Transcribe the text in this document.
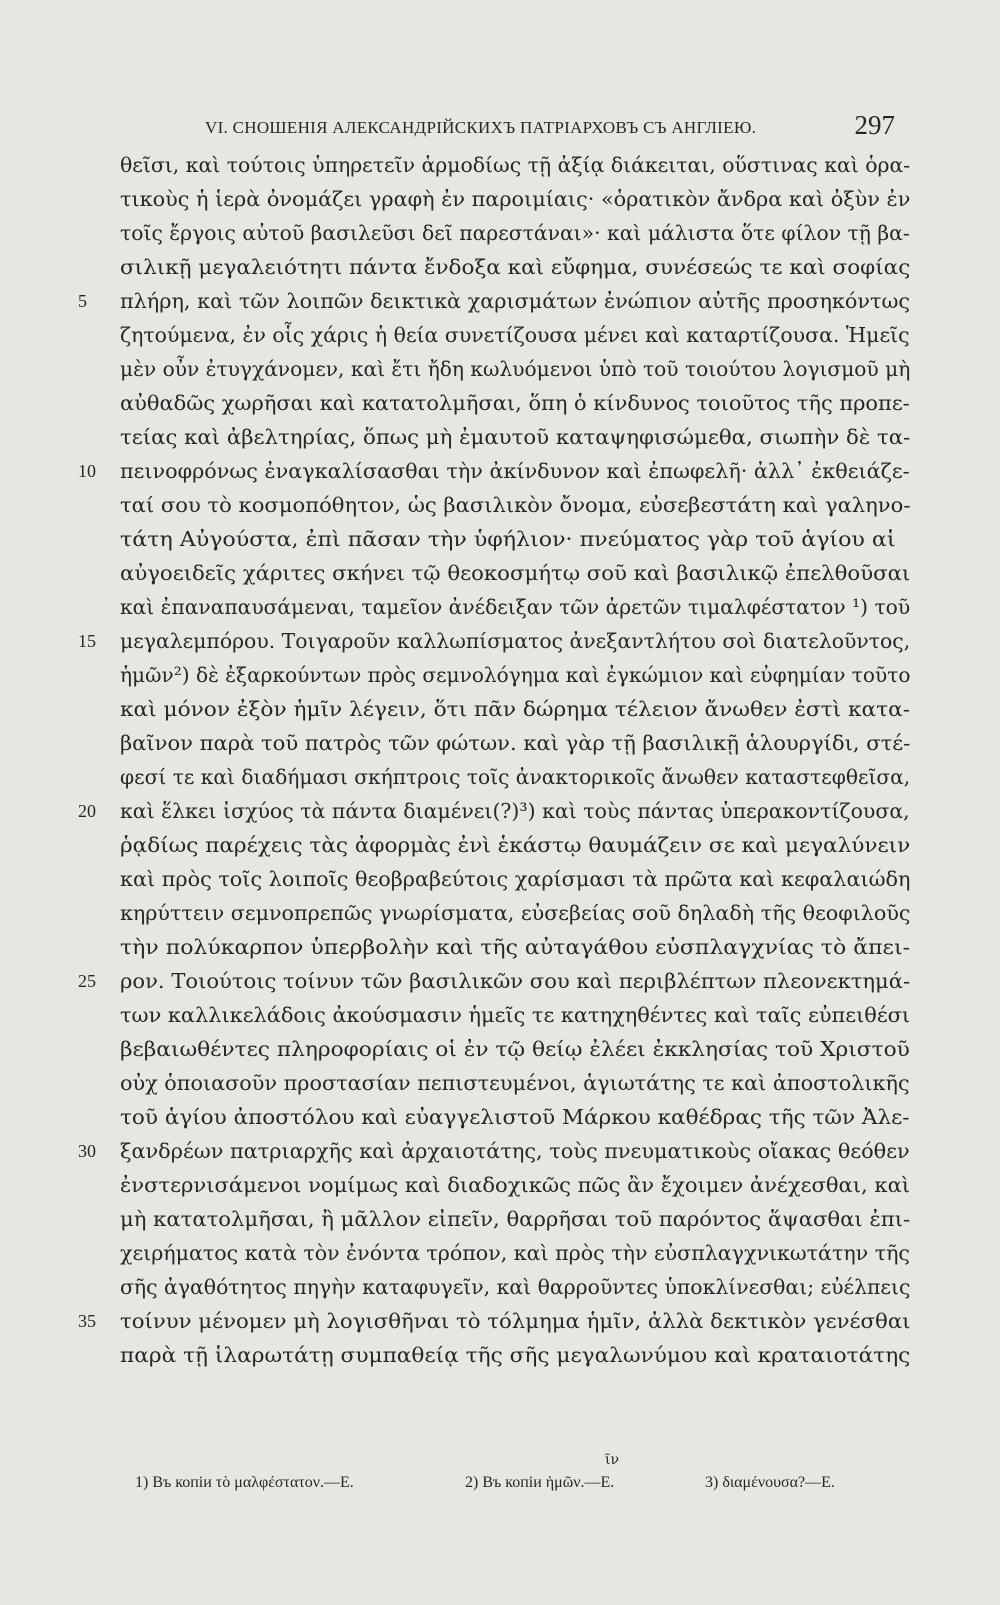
VI. СНОШЕНІЯ АЛЕКСАНДРІЙСКИХЪ ПАТРІАРХОВЪ СЪ АНГЛІЕЮ.	297
θεῖσι, καὶ τούτοις ὑπηρετεῖν ἁρμοδίως τῇ ἀξίᾳ διάκειται, οὕστινας καὶ ὁρα-
τικοὺς ἡ ἱερὰ ὀνομάζει γραφὴ ἐν παροιμίαις· «ὁρατικὸν ἄνδρα καὶ ὀξὺν ἐν
τοῖς ἔργοις αὐτοῦ βασιλεῦσι δεῖ παρεστάναι»· καὶ μάλιστα ὅτε φίλον τῇ βα-
σιλικῇ μεγαλειότητι πάντα ἔνδοξα καὶ εὔφημα, συνέσεώς τε καὶ σοφίας
5	πλήρη, καὶ τῶν λοιπῶν δεικτικὰ χαρισμάτων ἐνώπιον αὐτῆς προσηκόντως
ζητούμενα, ἐν οἷς χάρις ἡ θεία συνετίζουσα μένει καὶ καταρτίζουσα. Ἡμεῖς
μὲν οὖν ἐτυγχάνομεν, καὶ ἔτι ἤδη κωλυόμενοι ὑπὸ τοῦ τοιούτου λογισμοῦ μὴ
αὐθαδῶς χωρῆσαι καὶ κατατολμῆσαι, ὅπη ὁ κίνδυνος τοιοῦτος τῆς προπε-
τείας καὶ ἀβελτηρίας, ὅπως μὴ ἐμαυτοῦ καταψηφισώμεθα, σιωπὴν δὲ τα-
10	πεινοφρόνως ἐναγκαλίσασθαι τὴν ἀκίνδυνον καὶ ἐπωφελῆ· ἀλλ᾽ ἐκθειάζε-
ταί σου τὸ κοσμοπόθητον, ὡς βασιλικὸν ὄνομα, εὐσεβεστάτη καὶ γαληνο-
τάτη Αὐγούστα, ἐπὶ πᾶσαν τὴν ὑφήλιον· πνεύματος γὰρ τοῦ ἁγίου αἱ
αὐγοειδεῖς χάριτες σκήνει τῷ θεοκοσμήτῳ σοῦ καὶ βασιλικῷ ἐπελθοῦσαι
καὶ ἐπαναπαυσάμεναι, ταμεῖον ἀνέδειξαν τῶν ἀρετῶν τιμαλφέστατον ¹) τοῦ
15	μεγαλεμπόρου. Τοιγαροῦν καλλωπίσματος ἀνεξαντλήτου σοὶ διατελοῦντος,
ἡμῶν²) δὲ ἐξαρκούντων πρὸς σεμνολόγημα καὶ ἐγκώμιον καὶ εὐφημίαν τοῦτο
καὶ μόνον ἐξὸν ἡμῖν λέγειν, ὅτι πᾶν δώρημα τέλειον ἄνωθεν ἐστὶ κατα-
βαῖνον παρὰ τοῦ πατρὸς τῶν φώτων. καὶ γὰρ τῇ βασιλικῇ ἁλουργίδι, στέ-
φεσί τε καὶ διαδήμασι σκήπτροις τοῖς ἀνακτορικοῖς ἄνωθεν καταστεφθεῖσα,
20	καὶ ἕλκει ἰσχύος τὰ πάντα διαμένει(?)³) καὶ τοὺς πάντας ὑπερακοντίζουσα,
ῥᾳδίως παρέχεις τὰς ἀφορμὰς ἐνὶ ἑκάστῳ θαυμάζειν σε καὶ μεγαλύνειν
καὶ πρὸς τοῖς λοιποῖς θεοβραβεύτοις χαρίσμασι τὰ πρῶτα καὶ κεφαλαιώδη
κηρύττειν σεμνοπρεπῶς γνωρίσματα, εὐσεβείας σοῦ δηλαδὴ τῆς θεοφιλοῦς
τὴν πολύκαρπον ὑπερβολὴν καὶ τῆς αὐταγάθου εὐσπλαγχνίας τὸ ἄπει-
25	ρον. Τοιούτοις τοίνυν τῶν βασιλικῶν σου καὶ περιβλέπτων πλεονεκτημά-
των καλλικελάδοις ἀκούσμασιν ἡμεῖς τε κατηχηθέντες καὶ ταῖς εὐπειθέσι
βεβαιωθέντες πληροφορίαις οἱ ἐν τῷ θείῳ ἐλέει ἐκκλησίας τοῦ Χριστοῦ
οὐχ ὁποιασοῦν προστασίαν πεπιστευμένοι, ἁγιωτάτης τε καὶ ἀποστολικῆς
τοῦ ἁγίου ἀποστόλου καὶ εὐαγγελιστοῦ Μάρκου καθέδρας τῆς τῶν Ἀλε-
30	ξανδρέων πατριαρχῆς καὶ ἀρχαιοτάτης, τοὺς πνευματικοὺς οἴακας θεόθεν
ἐνστερνισάμενοι νομίμως καὶ διαδοχικῶς πῶς ἂν ἔχοιμεν ἀνέχεσθαι, καὶ
μὴ κατατολμῆσαι, ἢ μᾶλλον εἰπεῖν, θαρρῆσαι τοῦ παρόντος ἅψασθαι ἐπι-
χειρήματος κατὰ τὸν ἐνόντα τρόπον, καὶ πρὸς τὴν εὐσπλαγχνικωτάτην τῆς
σῆς ἀγαθότητος πηγὴν καταφυγεῖν, καὶ θαρροῦντες ὑποκλίνεσθαι; εὐέλπεις
35	τοίνυν μένομεν μὴ λογισθῆναι τὸ τόλμημα ἡμῖν, ἀλλὰ δεκτικὸν γενέσθαι
παρὰ τῇ ἱλαρωτάτῃ συμπαθείᾳ τῆς σῆς μεγαλωνύμου καὶ κραταιοτάτης
ῖν
1) Въ копіи τὸ μαλφέστατον.—Е.	2) Въ копіи ἡμῶν.—Е.	3) διαμένουσα?—Е.
